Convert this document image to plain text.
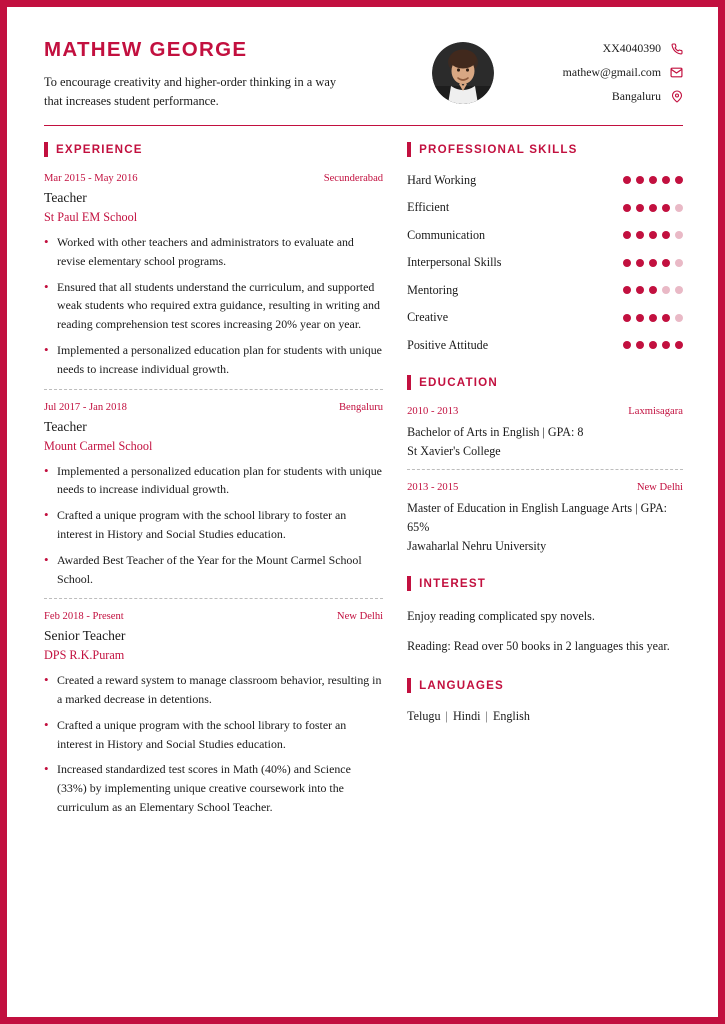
MATHEW GEORGE
To encourage creativity and higher-order thinking in a way that increases student performance.
XX4040390
mathew@gmail.com
Bangaluru
EXPERIENCE
Mar 2015 - May 2016	Secunderabad
Teacher
St Paul EM School
• Worked with other teachers and administrators to evaluate and revise elementary school programs.
• Ensured that all students understand the curriculum, and supported weak students who required extra guidance, resulting in writing and reading comprehension test scores increasing 20% year on year.
• Implemented a personalized education plan for students with unique needs to increase individual growth.
Jul 2017 - Jan 2018	Bengaluru
Teacher
Mount Carmel School
• Implemented a personalized education plan for students with unique needs to increase individual growth.
• Crafted a unique program with the school library to foster an interest in History and Social Studies education.
• Awarded Best Teacher of the Year for the Mount Carmel School School.
Feb 2018 - Present	New Delhi
Senior Teacher
DPS R.K.Puram
• Created a reward system to manage classroom behavior, resulting in a marked decrease in detentions.
• Crafted a unique program with the school library to foster an interest in History and Social Studies education.
• Increased standardized test scores in Math (40%) and Science (33%) by implementing unique creative coursework into the curriculum as an Elementary School Teacher.
PROFESSIONAL SKILLS
Hard Working
Efficient
Communication
Interpersonal Skills
Mentoring
Creative
Positive Attitude
EDUCATION
2010 - 2013	Laxmisagara
Bachelor of Arts in English | GPA: 8
St Xavier's College
2013 - 2015	New Delhi
Master of Education in English Language Arts | GPA: 65%
Jawaharlal Nehru University
INTEREST
Enjoy reading complicated spy novels.
Reading: Read over 50 books in 2 languages this year.
LANGUAGES
Telugu | Hindi | English
